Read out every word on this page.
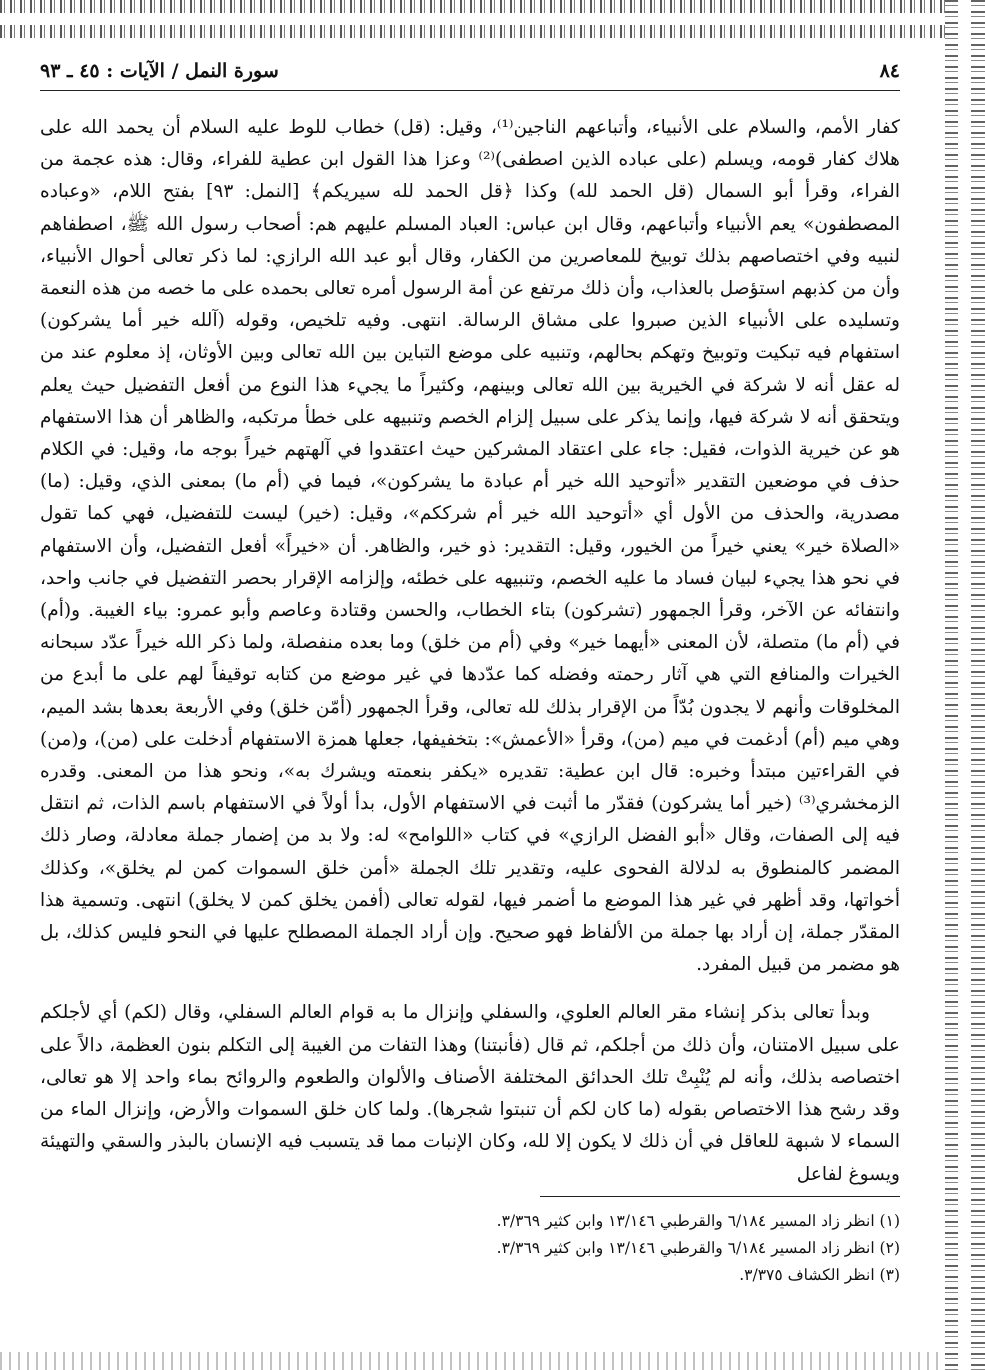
٨٤
سورة النمل / الآيات : ٤٥ ـ ٩٣

كفار الأمم، والسلام على الأنبياء، وأتباعهم الناجين⁽¹⁾، وقيل: (قل) خطاب للوط عليه السلام أن يحمد الله على هلاك كفار قومه، ويسلم (على عباده الذين اصطفى)⁽²⁾ وعزا هذا القول ابن عطية للفراء، وقال: هذه عجمة من الفراء، وقرأ أبو السمال (قل الحمد لله) وكذا ﴿قل الحمد لله سيريكم﴾ [النمل: ٩٣] بفتح اللام، «وعباده المصطفون» يعم الأنبياء وأتباعهم، وقال ابن عباس: العباد المسلم عليهم هم: أصحاب رسول الله ﷺ، اصطفاهم لنبيه وفي اختصاصهم بذلك توبيخ للمعاصرين من الكفار، وقال أبو عبد الله الرازي: لما ذكر تعالى أحوال الأنبياء، وأن من كذبهم استؤصل بالعذاب، وأن ذلك مرتفع عن أمة الرسول أمره تعالى بحمده على ما خصه من هذه النعمة وتسليده على الأنبياء الذين صبروا على مشاق الرسالة. انتهى. وفيه تلخيص، وقوله (آلله خير أما يشركون) استفهام فيه تبكيت وتوبيخ وتهكم بحالهم، وتنبيه على موضع التباين بين الله تعالى وبين الأوثان، إذ معلوم عند من له عقل أنه لا شركة في الخيرية بين الله تعالى وبينهم، وكثيراً ما يجيء هذا النوع من أفعل التفضيل حيث يعلم ويتحقق أنه لا شركة فيها، وإنما يذكر على سبيل إلزام الخصم وتنبيهه على خطأ مرتكبه، والظاهر أن هذا الاستفهام هو عن خيرية الذوات، فقيل: جاء على اعتقاد المشركين حيث اعتقدوا في آلهتهم خيراً بوجه ما، وقيل: في الكلام حذف في موضعين التقدير «أتوحيد الله خير أم عبادة ما يشركون»، فيما في (أم ما) بمعنى الذي، وقيل: (ما) مصدرية، والحذف من الأول أي «أتوحيد الله خير أم شرككم»، وقيل: (خير) ليست للتفضيل، فهي كما تقول «الصلاة خير» يعني خيراً من الخيور، وقيل: التقدير: ذو خير، والظاهر. أن «خيراً» أفعل التفضيل، وأن الاستفهام في نحو هذا يجيء لبيان فساد ما عليه الخصم، وتنبيهه على خطئه، وإلزامه الإقرار بحصر التفضيل في جانب واحد، وانتفائه عن الآخر، وقرأ الجمهور (تشركون) بتاء الخطاب، والحسن وقتادة وعاصم وأبو عمرو: بياء الغيبة. و(أم) في (أم ما) متصلة، لأن المعنى «أيهما خير» وفي (أم من خلق) وما بعده منفصلة، ولما ذكر الله خيراً عدّد سبحانه الخيرات والمنافع التي هي آثار رحمته وفضله كما عدّدها في غير موضع من كتابه توقيفاً لهم على ما أبدع من المخلوقات وأنهم لا يجدون بُدّاً من الإقرار بذلك لله تعالى، وقرأ الجمهور (أمّن خلق) وفي الأربعة بعدها بشد الميم، وهي ميم (أم) أدغمت في ميم (من)، وقرأ «الأعمش»: بتخفيفها، جعلها همزة الاستفهام أدخلت على (من)، و(من) في القراءتين مبتدأ وخبره: قال ابن عطية: تقديره «يكفر بنعمته ويشرك به»، ونحو هذا من المعنى. وقدره الزمخشري⁽³⁾ (خير أما يشركون) فقدّر ما أثبت في الاستفهام الأول، بدأ أولاً في الاستفهام باسم الذات، ثم انتقل فيه إلى الصفات، وقال «أبو الفضل الرازي» في كتاب «اللوامح» له: ولا بد من إضمار جملة معادلة، وصار ذلك المضمر كالمنطوق به لدلالة الفحوى عليه، وتقدير تلك الجملة «أمن خلق السموات كمن لم يخلق»، وكذلك أخواتها، وقد أظهر في غير هذا الموضع ما أضمر فيها، لقوله تعالى (أفمن يخلق كمن لا يخلق) انتهى. وتسمية هذا المقدّر جملة، إن أراد بها جملة من الألفاظ فهو صحيح. وإن أراد الجملة المصطلح عليها في النحو فليس كذلك، بل هو مضمر من قبيل المفرد.

وبدأ تعالى بذكر إنشاء مقر العالم العلوي، والسفلي وإنزال ما به قوام العالم السفلي، وقال (لكم) أي لأجلكم على سبيل الامتنان، وأن ذلك من أجلكم، ثم قال (فأنبتنا) وهذا التفات من الغيبة إلى التكلم بنون العظمة، دالاً على اختصاصه بذلك، وأنه لم يُنْبِتْ تلك الحدائق المختلفة الأصناف والألوان والطعوم والروائح بماء واحد إلا هو تعالى، وقد رشح هذا الاختصاص بقوله (ما كان لكم أن تنبتوا شجرها). ولما كان خلق السموات والأرض، وإنزال الماء من السماء لا شبهة للعاقل في أن ذلك لا يكون إلا لله، وكان الإنبات مما قد يتسبب فيه الإنسان بالبذر والسقي والتهيئة ويسوغ لفاعل

(١) انظر زاد المسير ٦/١٨٤ والقرطبي ١٣/١٤٦ وابن كثير ٣/٣٦٩.
(٢) انظر زاد المسير ٦/١٨٤ والقرطبي ١٣/١٤٦ وابن كثير ٣/٣٦٩.
(٣) انظر الكشاف ٣/٣٧٥.
